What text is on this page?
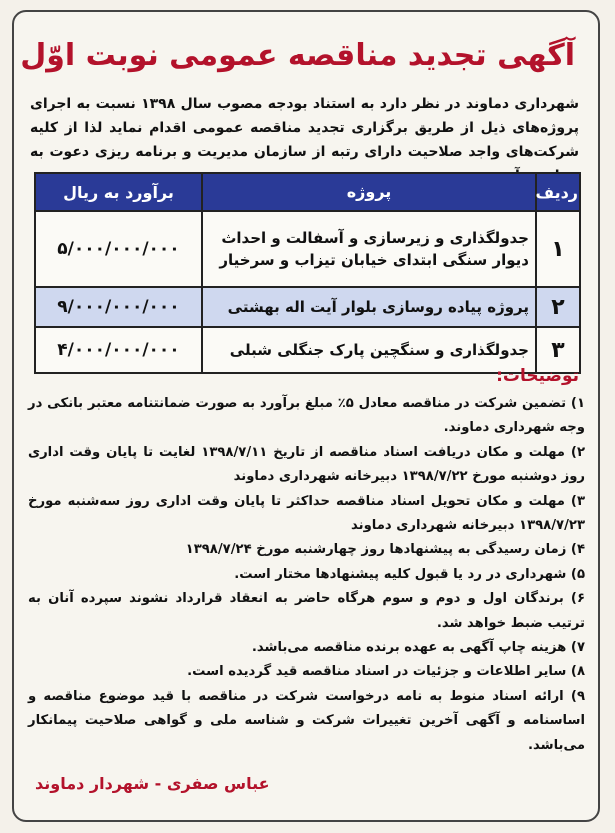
آگهی تجدید مناقصه عمومی نوبت اوّل
شهرداری دماوند در نظر دارد به استناد بودجه مصوب سال ۱۳۹۸ نسبت به اجرای پروژه‌های ذیل از طریق برگزاری تجدید مناقصه عمومی اقدام نماید لذا از کلیه شرکت‌های واجد صلاحیت دارای رتبه از سازمان مدیریت و برنامه ریزی دعوت به
ردیف	پروژه	برآورد به ریال
۱	جدولگذاری و زیرسازی و آسفالت و احداث دیوار سنگی ابتدای خیابان تیزاب و سرخیار	۵/۰۰۰/۰۰۰/۰۰۰
۲	پروژه پیاده روسازی بلوار آیت اله بهشتی	۹/۰۰۰/۰۰۰/۰۰۰
۳	جدولگذاری و سنگچین پارک جنگلی شبلی	۴/۰۰۰/۰۰۰/۰۰۰
توضیحات:

۱) تضمین شرکت در مناقصه معادل ۵٪ مبلغ برآورد به صورت ضمانتنامه معتبر بانکی در وجه شهرداری دماوند.

۲) مهلت و مکان دریافت اسناد مناقصه از تاریخ ۱۳۹۸/۷/۱۱ لغایت تا پایان وقت اداری روز دوشنبه مورخ ۱۳۹۸/۷/۲۲ دبیرخانه شهرداری دماوند

۳) مهلت و مکان تحویل اسناد مناقصه حداکثر تا پایان وقت اداری روز سه‌شنبه مورخ ۱۳۹۸/۷/۲۳ دبیرخانه شهرداری دماوند

۴) زمان رسیدگی به پیشنهادها روز چهارشنبه مورخ ۱۳۹۸/۷/۲۴

۵) شهرداری در رد یا قبول کلیه پیشنهادها مختار است.

۶) برندگان اول و دوم و سوم هرگاه حاضر به انعقاد قرارداد نشوند سپرده آنان به ترتیب ضبط خواهد شد.

۷) هزینه چاپ آگهی به عهده برنده مناقصه می‌باشد.

۸) سایر اطلاعات و جزئیات در اسناد مناقصه قید گردیده است.

۹) ارائه اسناد منوط به نامه درخواست شرکت در مناقصه با قید موضوع مناقصه و اساسنامه و آگهی آخرین تغییرات شرکت و شناسه ملی و گواهی صلاحیت پیمانکار می‌باشد.

عباس صفری - شهردار دماوند
